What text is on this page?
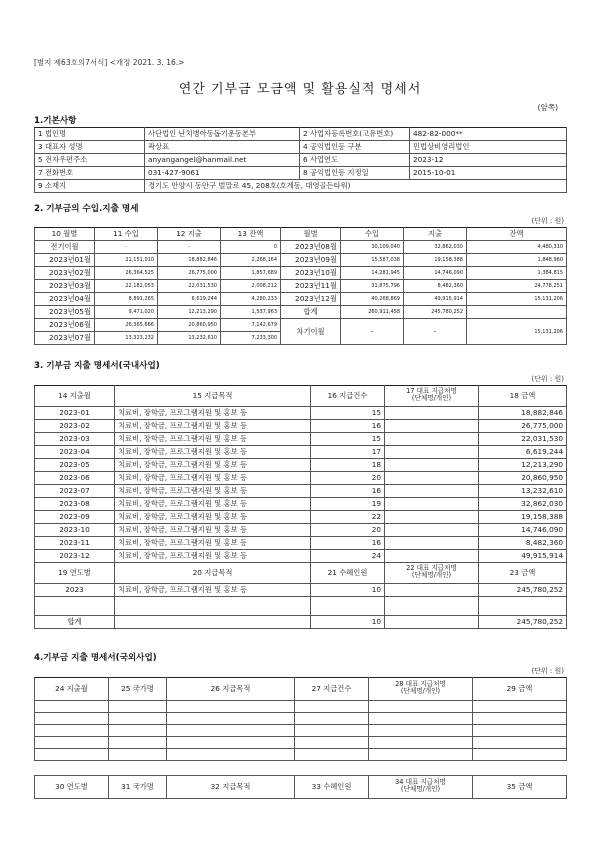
[별지 제63호의7서식] <개정 2021. 3. 16.>
연간 기부금 모금액 및 활용실적 명세서
(앞쪽)
1.기본사항
1 법인명	사단법인 난치병아동돕기운동본부	2 사업자등록번호(고유번호)	482-82-000**
3 대표자 성명	곽상표	4 공익법인등 구분	민법상비영리법인
5 전자우편주소	anyangangel@hanmail.net	6 사업연도	2023-12
7 전화번호	031-427-9061	8 공익법인등 지정일	2015-10-01
9 소재지	경기도 안양시 동안구 벌말로 45, 208호(호계동, 대영골든타워)		
2. 기부금의 수입.지출 명세
(단위 : 원)
10 월별	11 수입	12 지출	13 잔액	월별	수입	지출	잔액
전기이월	-	-	0	2023년08월	30,109,040	32,862,030	4,480,310
2023년01월	21,151,010	18,882,846	2,268,164	2023년09월	15,587,038	19,158,388	1,848,960
2023년02월	26,364,525	26,775,000	1,857,689	2023년10월	14,281,945	14,746,090	1,384,815
2023년03월	22,182,053	22,031,530	2,008,212	2023년11월	31,875,796	8,482,360	24,778,251
2023년04월	8,891,265	6,619,244	4,280,233	2023년12월	40,268,869	49,915,914	15,131,206
2023년05월	9,471,020	12,213,290	1,537,963	합계	260,911,458	245,780,252	
2023년06월	26,365,666	20,860,950	7,142,679	차기이월	-	-	15,131,206
2023년07월	13,323,232	13,232,610	7,233,300				
3. 기부금 지출 명세서(국내사업)
(단위 : 원)
14 지출월	15 지급목적	16 지급건수	17 대표 지급처명
(단체명/개인)	18 금액
2023-01	치료비, 장학금, 프로그램지원 및 홍보 등	15		18,882,846
2023-02	치료비, 장학금, 프로그램지원 및 홍보 등	16		26,775,000
2023-03	치료비, 장학금, 프로그램지원 및 홍보 등	15		22,031,530
2023-04	치료비, 장학금, 프로그램지원 및 홍보 등	17		6,619,244
2023-05	치료비, 장학금, 프로그램지원 및 홍보 등	18		12,213,290
2023-06	치료비, 장학금, 프로그램지원 및 홍보 등	20		20,860,950
2023-07	치료비, 장학금, 프로그램지원 및 홍보 등	16		13,232,610
2023-08	치료비, 장학금, 프로그램지원 및 홍보 등	19		32,862,030
2023-09	치료비, 장학금, 프로그램지원 및 홍보 등	22		19,158,388
2023-10	치료비, 장학금, 프로그램지원 및 홍보 등	20		14,746,090
2023-11	치료비, 장학금, 프로그램지원 및 홍보 등	16		8,482,360
2023-12	치료비, 장학금, 프로그램지원 및 홍보 등	24		49,915,914
19 연도별	20 지급목적	21 수혜인원	22 대표 지급처명
(단체명/개인)	23 금액
2023	치료비, 장학금, 프로그램지원 및 홍보 등	10		245,780,252

합계		10		245,780,252
4.기부금 지출 명세서(국외사업)
(단위 : 원)
24 지출월	25 국가명	26 지급목적	27 지급건수	28 대표 지급처명
(단체명/개인)	29 금액

30 연도별	31 국가명	32 지급목적	33 수혜인원	34 대표 지급처명
(단체명/개인)	35 금액
